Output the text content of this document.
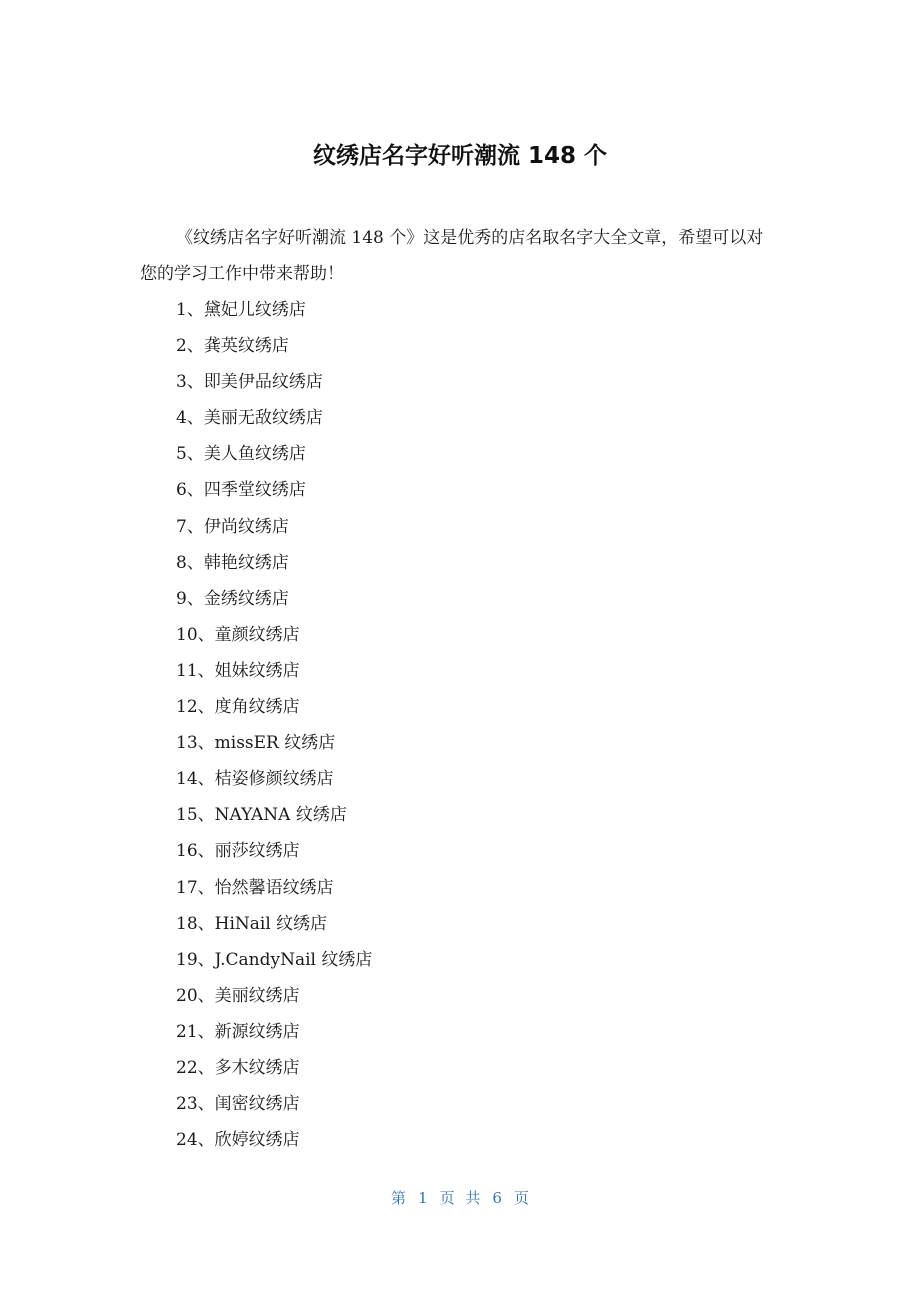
纹绣店名字好听潮流 148 个
《纹绣店名字好听潮流 148 个》这是优秀的店名取名字大全文章，希望可以对您的学习工作中带来帮助！
1、黛妃儿纹绣店
2、龚英纹绣店
3、即美伊品纹绣店
4、美丽无敌纹绣店
5、美人鱼纹绣店
6、四季堂纹绣店
7、伊尚纹绣店
8、韩艳纹绣店
9、金绣纹绣店
10、童颜纹绣店
11、姐妹纹绣店
12、度角纹绣店
13、missER 纹绣店
14、桔姿修颜纹绣店
15、NAYANA 纹绣店
16、丽莎纹绣店
17、怡然馨语纹绣店
18、HiNail 纹绣店
19、J.CandyNail 纹绣店
20、美丽纹绣店
21、新源纹绣店
22、多木纹绣店
23、闺密纹绣店
24、欣婷纹绣店
第 1 页 共 6 页
